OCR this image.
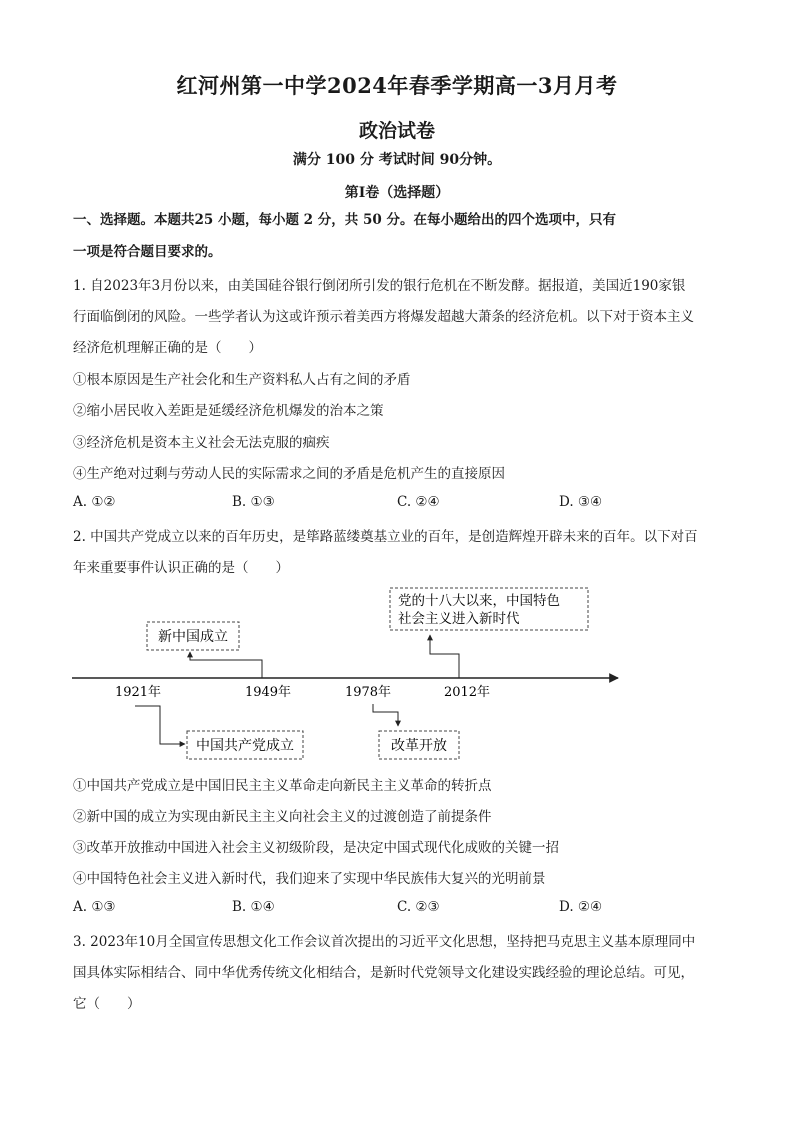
红河州第一中学2024年春季学期高一3月月考
政治试卷
满分 100 分 考试时间 90分钟。
第Ⅰ卷（选择题）
一、选择题。本题共25 小题，每小题 2 分，共 50 分。在每小题给出的四个选项中，只有
一项是符合题目要求的。
1. 自2023年3月份以来，由美国硅谷银行倒闭所引发的银行危机在不断发酵。据报道，美国近190家银
行面临倒闭的风险。一些学者认为这或许预示着美西方将爆发超越大萧条的经济危机。以下对于资本主义
经济危机理解正确的是（　　）
①根本原因是生产社会化和生产资料私人占有之间的矛盾
②缩小居民收入差距是延缓经济危机爆发的治本之策
③经济危机是资本主义社会无法克服的痼疾
④生产绝对过剩与劳动人民的实际需求之间的矛盾是危机产生的直接原因
A. ①②	B. ①③	C. ②④	D. ③④
2. 中国共产党成立以来的百年历史，是筚路蓝缕奠基立业的百年，是创造辉煌开辟未来的百年。以下对百
年来重要事件认识正确的是（　　）
1921年	1949年	1978年	2012年
新中国成立
党的十八大以来，中国特色
社会主义进入新时代
中国共产党成立	改革开放
①中国共产党成立是中国旧民主主义革命走向新民主主义革命的转折点
②新中国的成立为实现由新民主主义向社会主义的过渡创造了前提条件
③改革开放推动中国进入社会主义初级阶段，是决定中国式现代化成败的关键一招
④中国特色社会主义进入新时代，我们迎来了实现中华民族伟大复兴的光明前景
A. ①③	B. ①④	C. ②③	D. ②④
3. 2023年10月全国宣传思想文化工作会议首次提出的习近平文化思想，坚持把马克思主义基本原理同中
国具体实际相结合、同中华优秀传统文化相结合，是新时代党领导文化建设实践经验的理论总结。可见，
它（　　）
